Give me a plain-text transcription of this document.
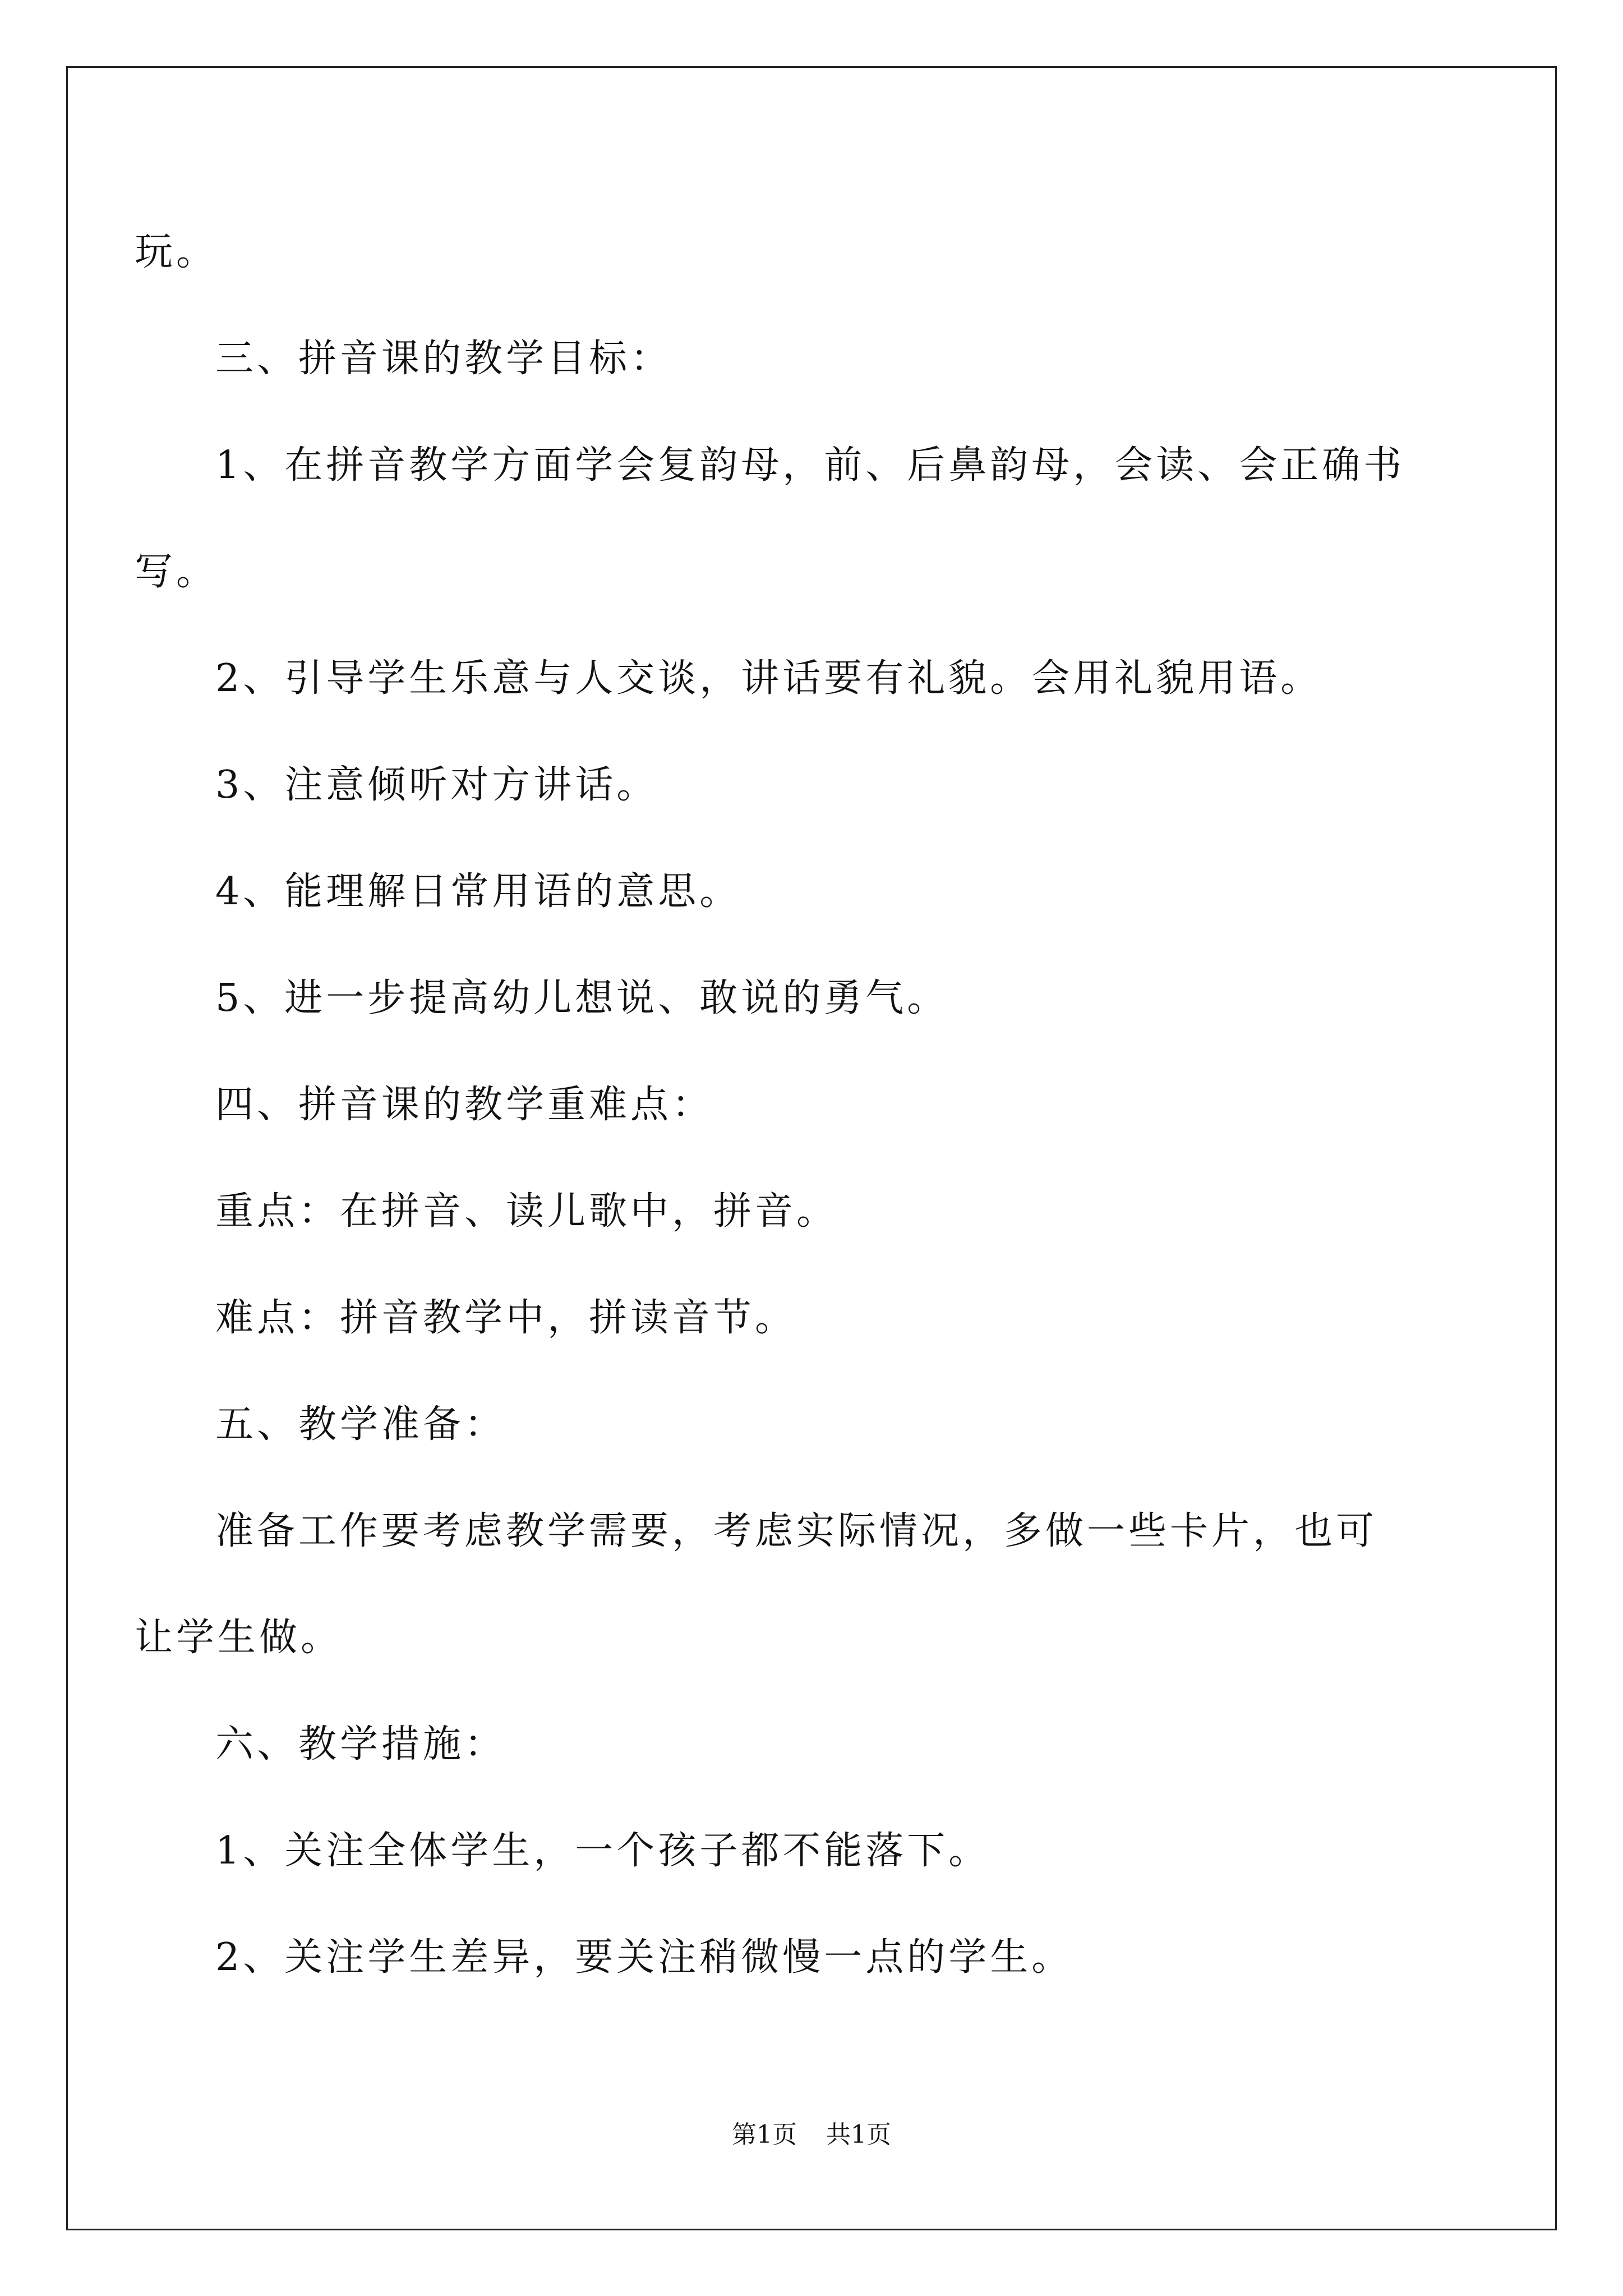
玩。
三、拼音课的教学目标：
1、在拼音教学方面学会复韵母，前、后鼻韵母，会读、会正确书
写。
2、引导学生乐意与人交谈，讲话要有礼貌。会用礼貌用语。
3、注意倾听对方讲话。
4、能理解日常用语的意思。
5、进一步提高幼儿想说、敢说的勇气。
四、拼音课的教学重难点：
重点：在拼音、读儿歌中，拼音。
难点：拼音教学中，拼读音节。
五、教学准备：
准备工作要考虑教学需要，考虑实际情况，多做一些卡片，也可
让学生做。
六、教学措施：
1、关注全体学生，一个孩子都不能落下。
2、关注学生差异，要关注稍微慢一点的学生。
第1页 共1页
